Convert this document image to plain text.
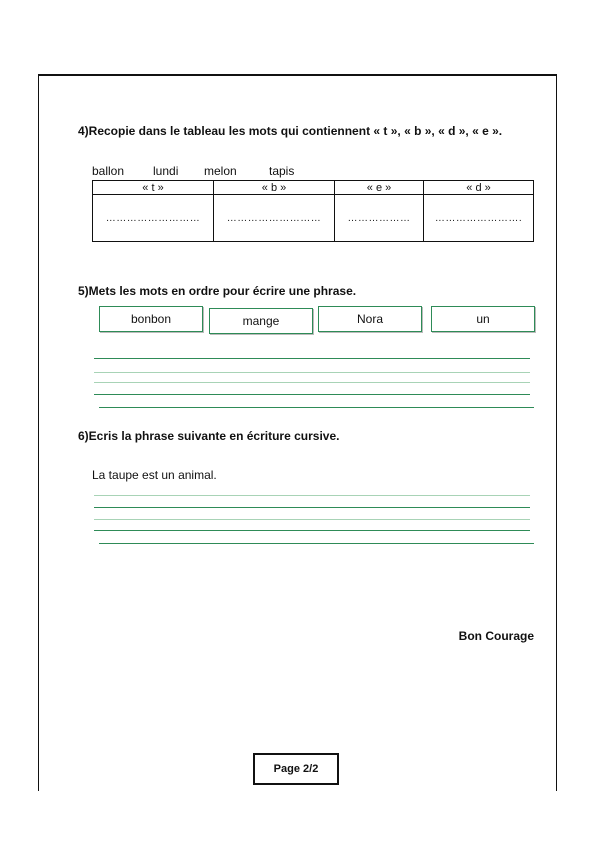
4)Recopie dans le tableau les mots qui contiennent « t », « b », « d », « e ».
ballon lundi melon	tapis
« t »	« b »	« e »	« d »
………………………	………………………	………………	…………………….
5)Mets les mots en ordre pour écrire une phrase.
bonbon	mange	Nora	un
6)Ecris la phrase suivante en écriture cursive.
La taupe est un animal.
Bon Courage
Page 2/2
